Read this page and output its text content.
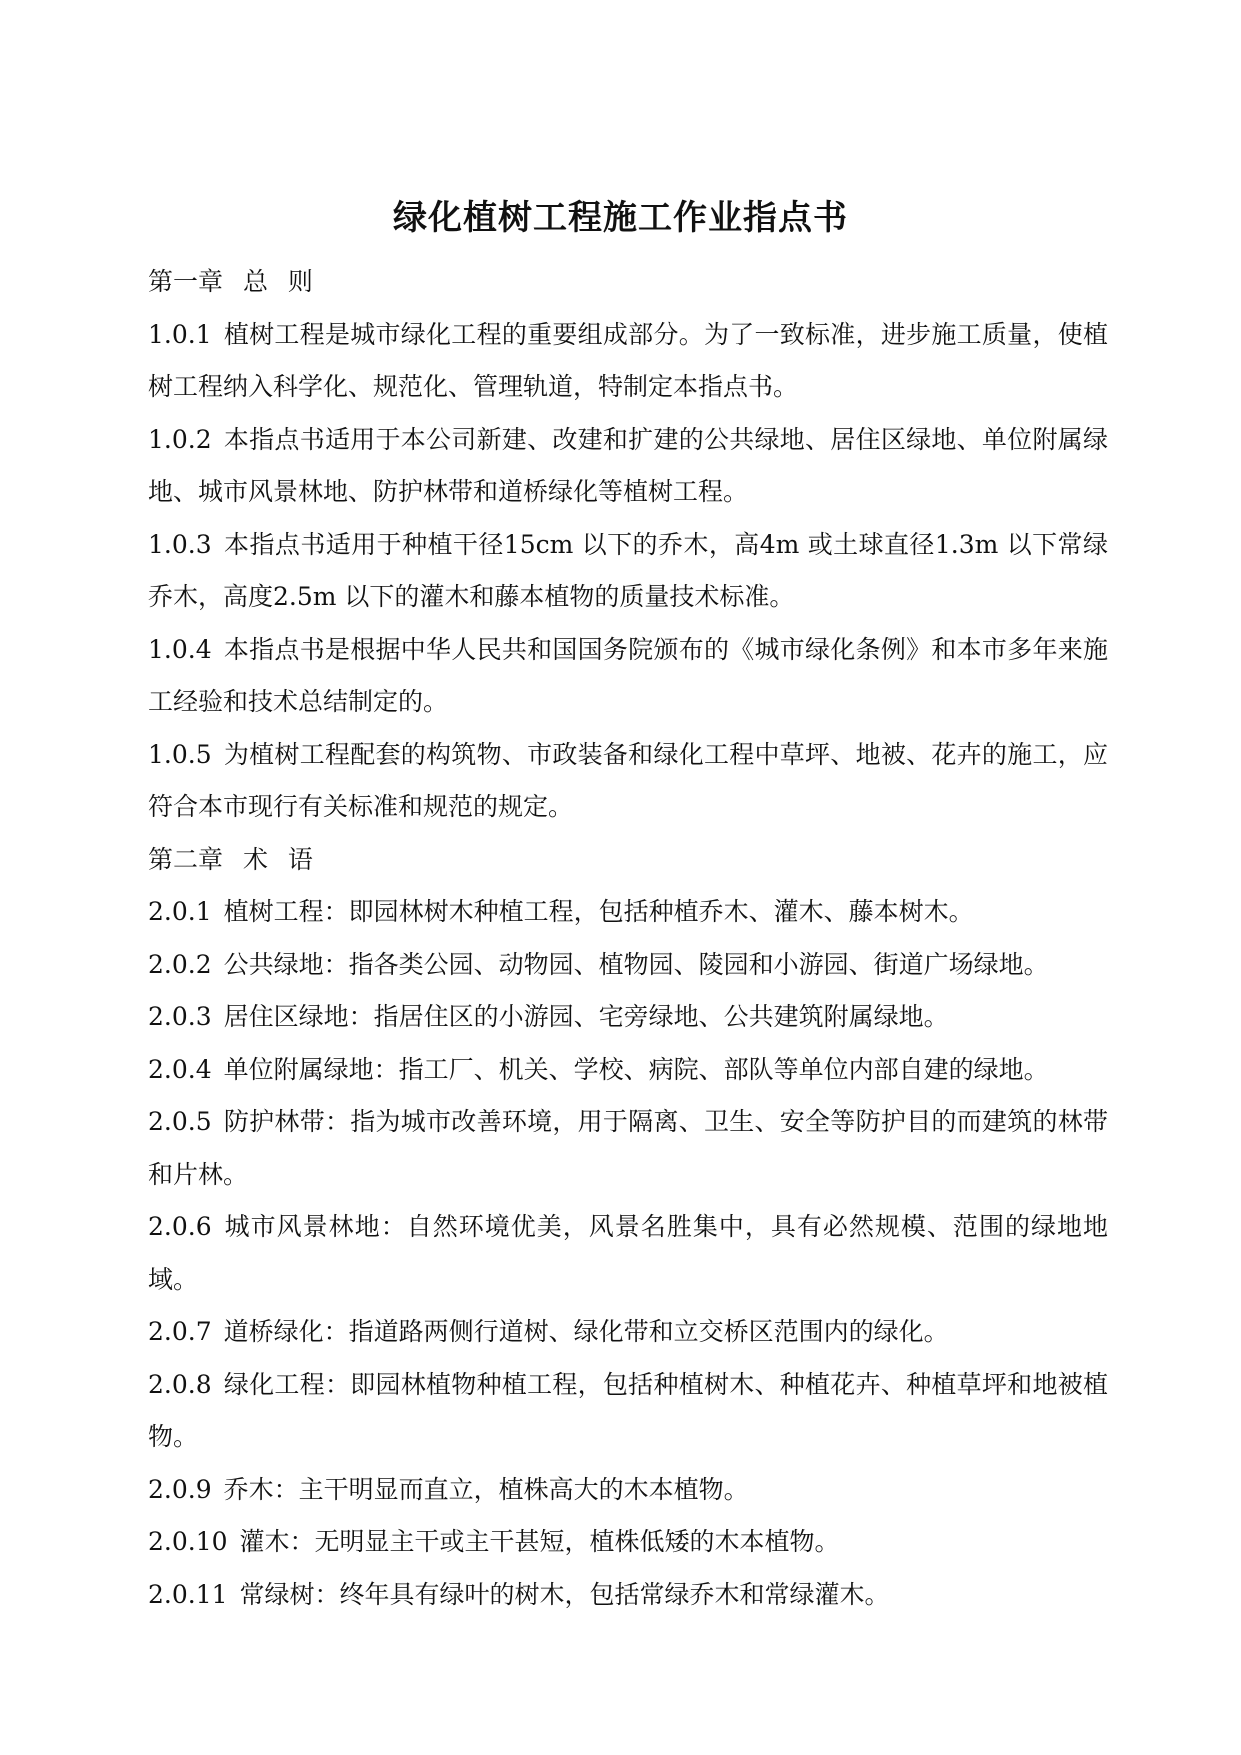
绿化植树工程施工作业指点书

第一章 总 则

1.0.1 植树工程是城市绿化工程的重要组成部分。为了一致标准，进步施工质量，使植树工程纳入科学化、规范化、管理轨道，特制定本指点书。

1.0.2 本指点书适用于本公司新建、改建和扩建的公共绿地、居住区绿地、单位附属绿地、城市风景林地、防护林带和道桥绿化等植树工程。

1.0.3 本指点书适用于种植干径15cm 以下的乔木，高4m 或土球直径1.3m 以下常绿乔木，高度2.5m 以下的灌木和藤本植物的质量技术标准。

1.0.4 本指点书是根据中华人民共和国国务院颁布的《城市绿化条例》和本市多年来施工经验和技术总结制定的。

1.0.5 为植树工程配套的构筑物、市政装备和绿化工程中草坪、地被、花卉的施工，应符合本市现行有关标准和规范的规定。

第二章 术 语

2.0.1 植树工程：即园林树木种植工程，包括种植乔木、灌木、藤本树木。

2.0.2 公共绿地：指各类公园、动物园、植物园、陵园和小游园、街道广场绿地。

2.0.3 居住区绿地：指居住区的小游园、宅旁绿地、公共建筑附属绿地。

2.0.4 单位附属绿地：指工厂、机关、学校、病院、部队等单位内部自建的绿地。

2.0.5 防护林带：指为城市改善环境，用于隔离、卫生、安全等防护目的而建筑的林带和片林。

2.0.6 城市风景林地：自然环境优美，风景名胜集中，具有必然规模、范围的绿地地域。

2.0.7 道桥绿化：指道路两侧行道树、绿化带和立交桥区范围内的绿化。

2.0.8 绿化工程：即园林植物种植工程，包括种植树木、种植花卉、种植草坪和地被植物。

2.0.9 乔木：主干明显而直立，植株高大的木本植物。

2.0.10 灌木：无明显主干或主干甚短，植株低矮的木本植物。

2.0.11 常绿树：终年具有绿叶的树木，包括常绿乔木和常绿灌木。
